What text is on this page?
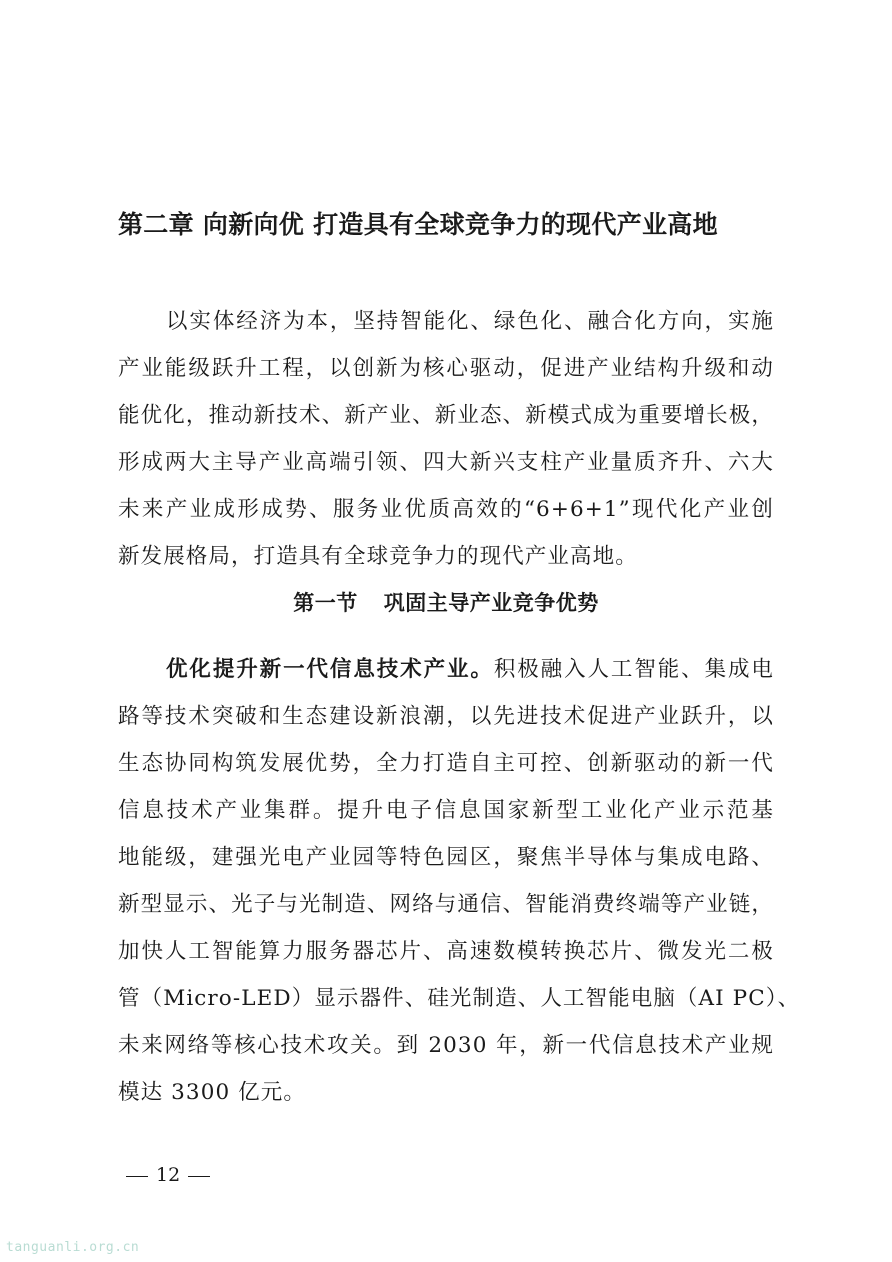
第二章 向新向优 打造具有全球竞争力的现代产业高地
以实体经济为本，坚持智能化、绿色化、融合化方向，实施
产业能级跃升工程，以创新为核心驱动，促进产业结构升级和动
能优化，推动新技术、新产业、新业态、新模式成为重要增长极，
形成两大主导产业高端引领、四大新兴支柱产业量质齐升、六大
未来产业成形成势、服务业优质高效的“6+6+1”现代化产业创
新发展格局，打造具有全球竞争力的现代产业高地。
第一节 巩固主导产业竞争优势
优化提升新一代信息技术产业。积极融入人工智能、集成电
路等技术突破和生态建设新浪潮，以先进技术促进产业跃升，以
生态协同构筑发展优势，全力打造自主可控、创新驱动的新一代
信息技术产业集群。提升电子信息国家新型工业化产业示范基
地能级，建强光电产业园等特色园区，聚焦半导体与集成电路、
新型显示、光子与光制造、网络与通信、智能消费终端等产业链，
加快人工智能算力服务器芯片、高速数模转换芯片、微发光二极
管（Micro-LED）显示器件、硅光制造、人工智能电脑（AI PC）、
未来网络等核心技术攻关。到 2030 年，新一代信息技术产业规
模达 3300 亿元。
12
tanguanli.org.cn
